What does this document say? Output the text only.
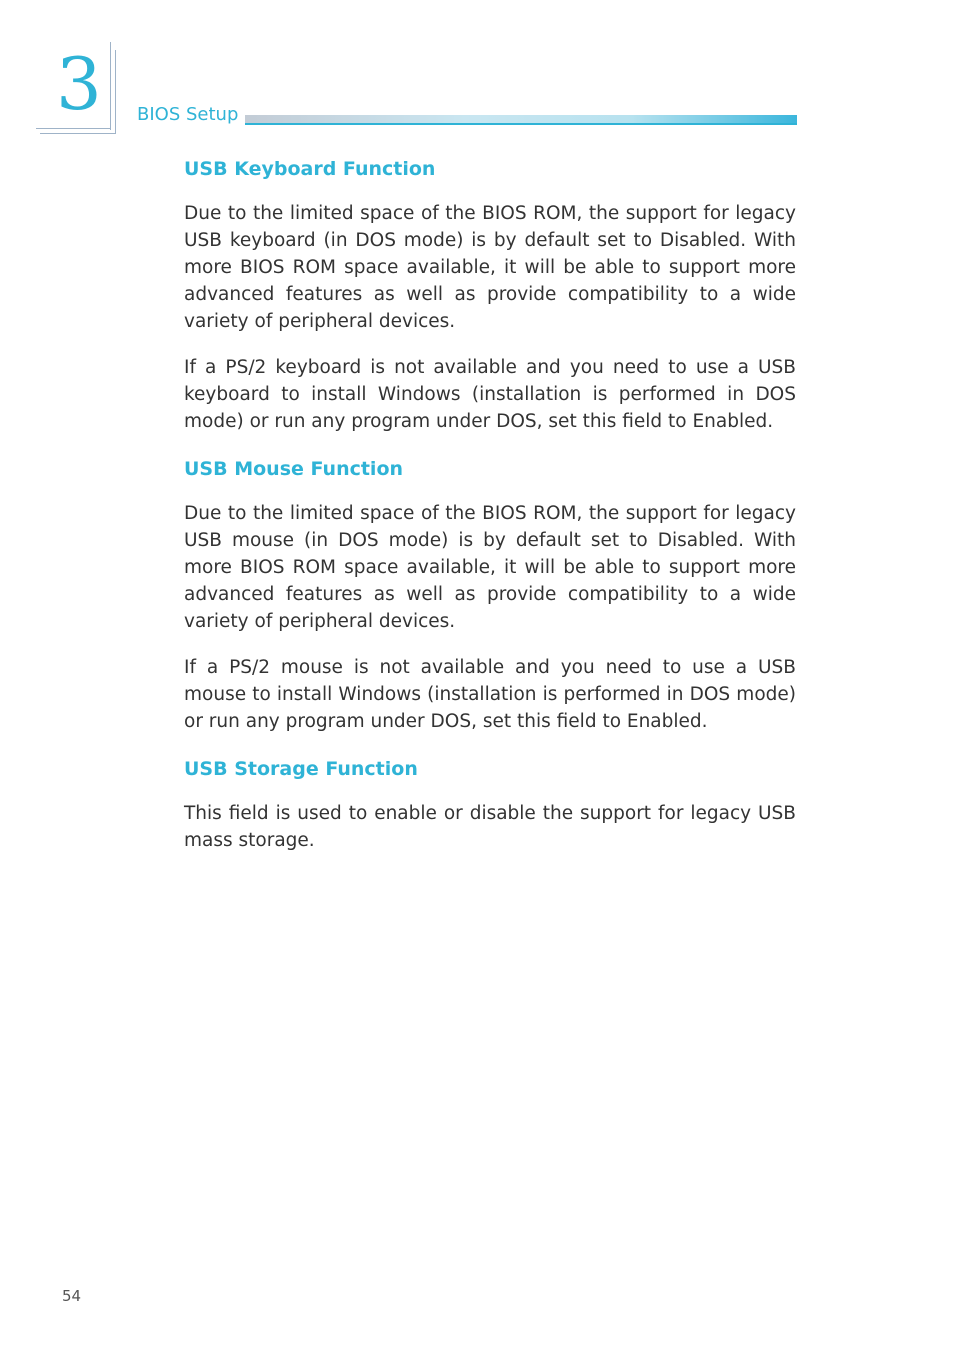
3 BIOS Setup
USB Keyboard Function

Due to the limited space of the BIOS ROM, the support for legacy USB keyboard (in DOS mode) is by default set to Disabled. With more BIOS ROM space available, it will be able to support more advanced features as well as provide compatibility to a wide variety of peripheral devices.

If a PS/2 keyboard is not available and you need to use a USB keyboard to install Windows (installation is performed in DOS mode) or run any program under DOS, set this field to Enabled.

USB Mouse Function

Due to the limited space of the BIOS ROM, the support for legacy USB mouse (in DOS mode) is by default set to Disabled. With more BIOS ROM space available, it will be able to support more advanced features as well as provide compatibility to a wide variety of peripheral devices.

If a PS/2 mouse is not available and you need to use a USB mouse to install Windows (installation is performed in DOS mode) or run any program under DOS, set this field to Enabled.

USB Storage Function

This field is used to enable or disable the support for legacy USB mass storage.

54
